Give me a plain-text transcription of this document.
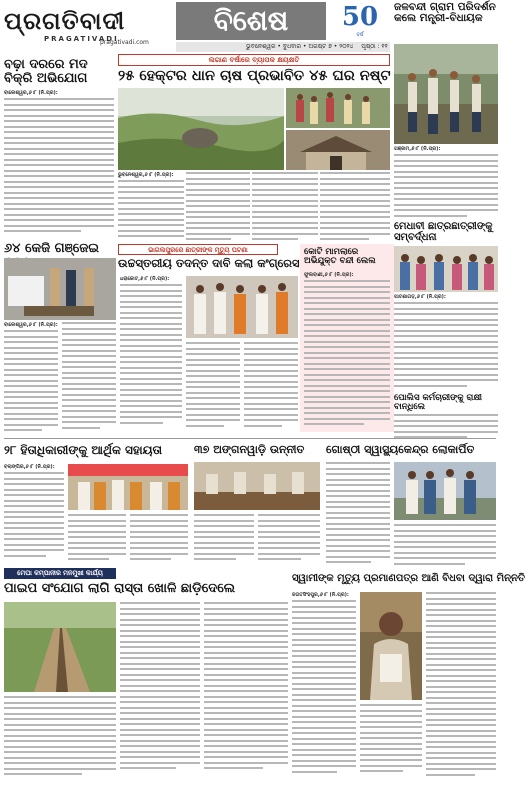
ପ୍ରଗତିବାଦୀ
PRAGATIVADI
pragativadi.com
ବିଶେଷ	50
ବର୍ଷ
ଭୁବନେଶ୍ୱର • ବୁଧବାର • ଅଗଷ୍ଟ ୭ • ୨୦୨୪ ପୃଷ୍ଠା : ୧୨
ଜଳବନ୍ଦୀ ଗ୍ରାମ ପରିଦର୍ଶନ କଲେ ମନ୍ତ୍ରୀ-ବିଧାୟକ
ଗଞ୍ଜାମ,୬।୮ (ନି.ପ୍ର):
ବଢ଼ା ଦରରେ ମଦ ବିକ୍ରି ଅଭିଯୋଗ
ବାଲେଶ୍ୱର,୬।୮ (ନି.ପ୍ର):
ଲଗାଣ ବର୍ଷାରେ ବ୍ୟାପକ କ୍ଷୟକ୍ଷତି
୨୫ ହେକ୍ଟର ଧାନ ଚାଷ ପ୍ରଭାବିତ ୪୫ ଘର ନଷ୍ଟ
ଭୁବନେଶ୍ୱର,୬।୮ (ନି.ପ୍ର):
୬୪ କେଜି ଗଞ୍ଜେଇ
ବାଲେଶ୍ୱର,୬।୮ (ନି.ପ୍ର):
ଭାଗଲପୁରରେ ଛାତ୍ରୀଙ୍କ ମୃତ୍ୟୁ ଘଟଣା
ଉଚ୍ଚସ୍ତରୀୟ ତଦନ୍ତ ଦାବି କଲା କଂଗ୍ରେସ
ଧରାକୋଟ,୬।୮ (ନି.ପ୍ର):
କୋଟି ମାମଲାରେ ଅଭିଯୁକ୍ତ ବନ୍ଦୀ ଲେଲ
ଫୁଲବାଣୀ,୬।୮ (ନି.ପ୍ର):
ମେଧାବୀ ଛାତ୍ରଛାତ୍ରୀଙ୍କୁ ସମ୍ବର୍ଦ୍ଧନା
ପାଟଣାଗଡ଼,୬।୮ (ନି.ପ୍ର):
ପୋଲିସ କର୍ମଚାରୀଙ୍କୁ ରାକ୍ଷୀ ବାନ୍ଧିଲେ
୨୮ ହିତାଧିକାରୀଙ୍କୁ ଆର୍ଥିକ ସହାୟତା
ବଲାଙ୍ଗିର,୬।୮ (ନି.ପ୍ର):
୩୭ ଅଙ୍ଗନୱାଡ଼ି ଉନ୍ନୀତ	ଗୋଷ୍ଠୀ ସ୍ୱାସ୍ଥ୍ୟକେନ୍ଦ୍ର ଲୋକାର୍ପିତ
ମେଘା କମ୍ପାନୀର ମନମୁଖୀ କାର୍ଯ୍ୟ
ପାଇପ ସଂଯୋଗ ଲାଗି ରାସ୍ତା ଖୋଳି ଛାଡ଼ିଦେଲେ
ସ୍ୱାମୀଙ୍କ ମୃତ୍ୟୁ ପ୍ରମାଣପତ୍ର ଆଣି ବିଧବା ଦ୍ୱାରା ମିନ୍ନତି
ଜଗତସିଂହପୁର,୬।୮ (ନି.ପ୍ର):
